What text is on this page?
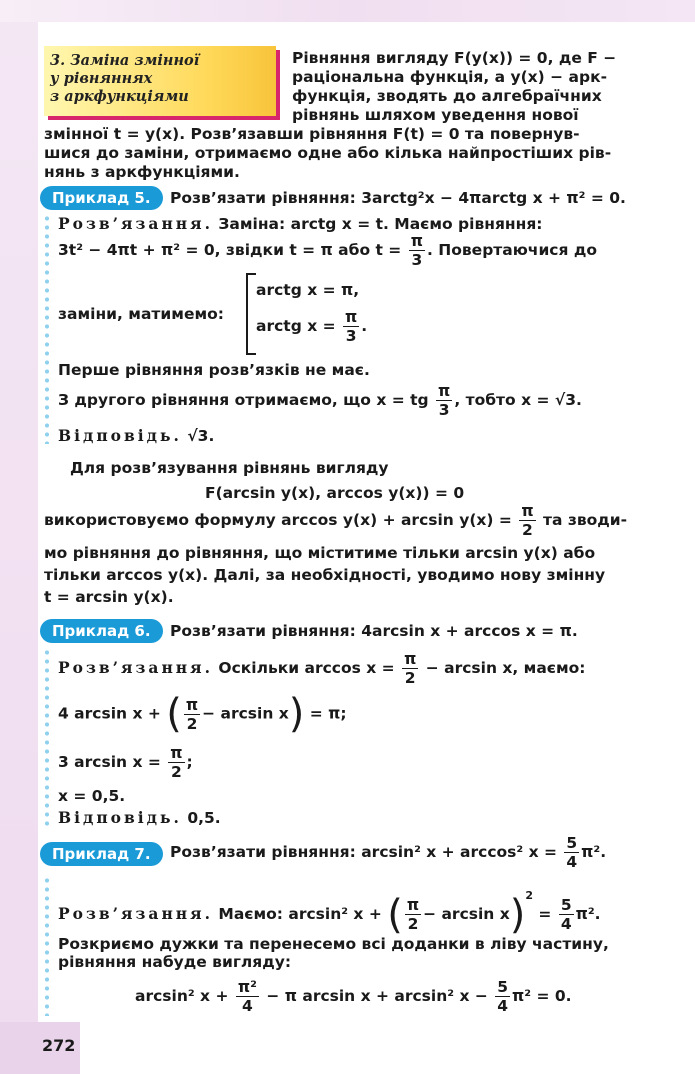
3. Заміна змінної
у рівняннях
з аркфункціями
Рівняння вигляду F(y(x)) = 0, де F −
раціональна функція, а y(x) − арк-
функція, зводять до алгебраїчних
рівнянь шляхом уведення нової
змінної t = y(x). Розв’язавши рівняння F(t) = 0 та повернув-
шися до заміни, отримаємо одне або кілька найпростіших рів-
нянь з аркфункціями.
Приклад 5.	Розв’язати рівняння: 3arctg²x − 4πarctg x + π² = 0.
Розв’язання. Заміна: arctg x = t. Маємо рівняння:
3t² − 4πt + π² = 0, звідки t = π або $t = \frac{\pi}{3}$ . Повертаючися до
заміни, матимемо:
arctg x = π,
arctg $x = \frac{\pi}{3}$ .
Перше рівняння розв’язків не має.
З другого рівняння отримаємо, що x = tg $\frac{\pi}{3}$ , тобто x = √3.
Відповідь. √3.
Для розв’язування рівнянь вигляду
F(arcsin y(x), arccos y(x)) = 0
використовуємо формулу $\arccos y(x) + \arcsin y(x) = \frac{\pi}{2}$ та зводи-
мо рівняння до рівняння, що міститиме тільки arcsin y(x) або
тільки arccos y(x). Далі, за необхідності, уводимо нову змінну
t = arcsin y(x).
Приклад 6.	Розв’язати рівняння: 4arcsin x + arccos x = π.
Розв’язання. Оскільки $\arccos x = \frac{\pi}{2} - \arcsin x$, маємо:
4 arcsin x + ( $\frac{\pi}{2} - \arcsin x) = \pi$;
3 $\arcsin x = \frac{\pi}{2}$ ;
x = 0,5.
Відповідь. 0,5.
Приклад 7.	Розв’язати рівняння: arcsin² x + arccos² $x = \frac{5}{4} \pi^2$.
Розв’язання. Маємо: arcsin² x + ( $\frac{\pi}{2} - \arcsin x)^2 = \frac{5}{4} \pi^2$.
Розкриємо дужки та перенесемо всі доданки в ліву частину,
рівняння набуде вигляду:
arcsin² $x + \frac{\text{π²}}{4} - \pi$ arcsin x + arcsin² $x - \frac{5}{4} \pi^2 = 0$.
272
